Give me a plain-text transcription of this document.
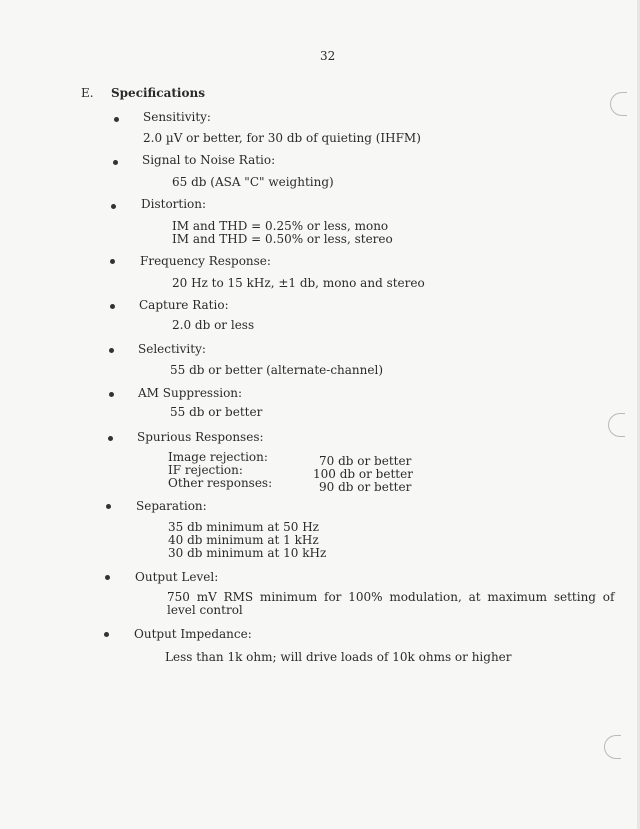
32
E. Specifications
Sensitivity:
2.0 µV or better, for 30 db of quieting (IHFM)
Signal to Noise Ratio:
65 db (ASA "C" weighting)
Distortion:
IM and THD = 0.25% or less, mono
IM and THD = 0.50% or less, stereo
Frequency Response:
20 Hz to 15 kHz, ±1 db, mono and stereo
Capture Ratio:
2.0 db or less
Selectivity:
55 db or better (alternate-channel)
AM Suppression:
55 db or better
Spurious Responses:
Image rejection:
IF rejection:
Other responses:
70 db or better
100 db or better
90 db or better
Separation:
35 db minimum at 50 Hz
40 db minimum at 1 kHz
30 db minimum at 10 kHz
Output Level:
750 mV RMS minimum for 100% modulation, at maximum setting of
level control
Output Impedance:
Less than 1k ohm; will drive loads of 10k ohms or higher
